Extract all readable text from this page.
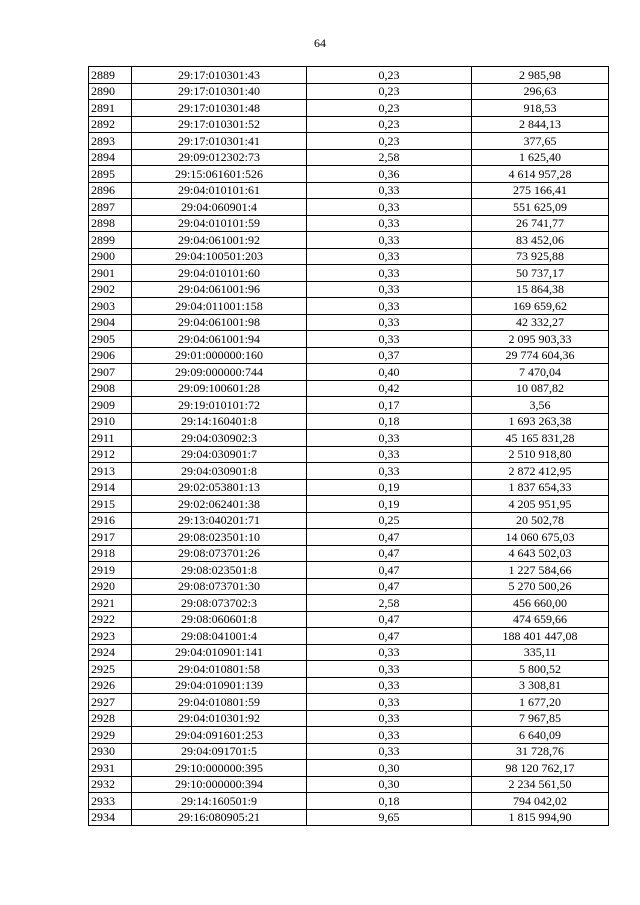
64
2889	29:17:010301:43	0,23	2 985,98
2890	29:17:010301:40	0,23	296,63
2891	29:17:010301:48	0,23	918,53
2892	29:17:010301:52	0,23	2 844,13
2893	29:17:010301:41	0,23	377,65
2894	29:09:012302:73	2,58	1 625,40
2895	29:15:061601:526	0,36	4 614 957,28
2896	29:04:010101:61	0,33	275 166,41
2897	29:04:060901:4	0,33	551 625,09
2898	29:04:010101:59	0,33	26 741,77
2899	29:04:061001:92	0,33	83 452,06
2900	29:04:100501:203	0,33	73 925,88
2901	29:04:010101:60	0,33	50 737,17
2902	29:04:061001:96	0,33	15 864,38
2903	29:04:011001:158	0,33	169 659,62
2904	29:04:061001:98	0,33	42 332,27
2905	29:04:061001:94	0,33	2 095 903,33
2906	29:01:000000:160	0,37	29 774 604,36
2907	29:09:000000:744	0,40	7 470,04
2908	29:09:100601:28	0,42	10 087,82
2909	29:19:010101:72	0,17	3,56
2910	29:14:160401:8	0,18	1 693 263,38
2911	29:04:030902:3	0,33	45 165 831,28
2912	29:04:030901:7	0,33	2 510 918,80
2913	29:04:030901:8	0,33	2 872 412,95
2914	29:02:053801:13	0,19	1 837 654,33
2915	29:02:062401:38	0,19	4 205 951,95
2916	29:13:040201:71	0,25	20 502,78
2917	29:08:023501:10	0,47	14 060 675,03
2918	29:08:073701:26	0,47	4 643 502,03
2919	29:08:023501:8	0,47	1 227 584,66
2920	29:08:073701:30	0,47	5 270 500,26
2921	29:08:073702:3	2,58	456 660,00
2922	29:08:060601:8	0,47	474 659,66
2923	29:08:041001:4	0,47	188 401 447,08
2924	29:04:010901:141	0,33	335,11
2925	29:04:010801:58	0,33	5 800,52
2926	29:04:010901:139	0,33	3 308,81
2927	29:04:010801:59	0,33	1 677,20
2928	29:04:010301:92	0,33	7 967,85
2929	29:04:091601:253	0,33	6 640,09
2930	29:04:091701:5	0,33	31 728,76
2931	29:10:000000:395	0,30	98 120 762,17
2932	29:10:000000:394	0,30	2 234 561,50
2933	29:14:160501:9	0,18	794 042,02
2934	29:16:080905:21	9,65	1 815 994,90
